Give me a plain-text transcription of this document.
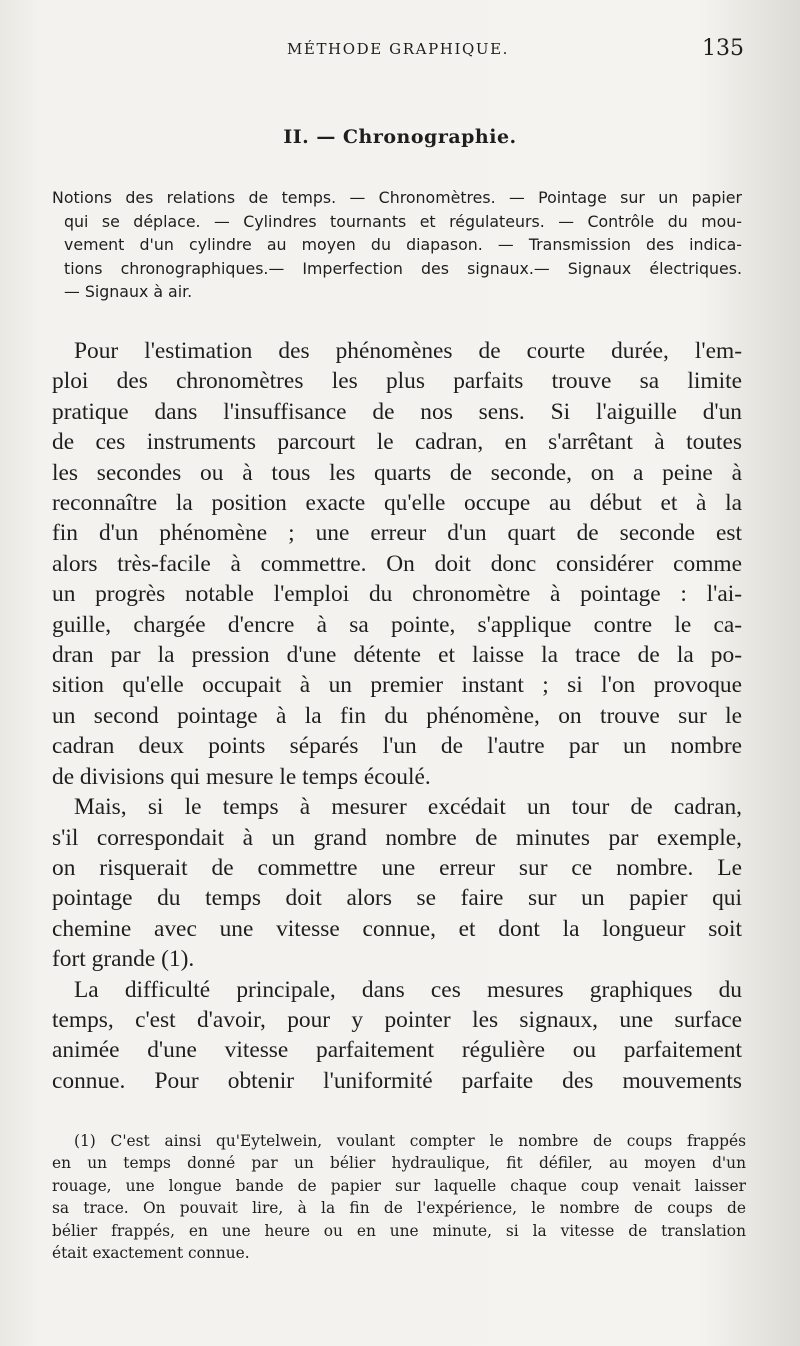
MÉTHODE GRAPHIQUE.	135
II. — Chronographie.
Notions des relations de temps. — Chronomètres. — Pointage sur un papier
qui se déplace. — Cylindres tournants et régulateurs. — Contrôle du mou-
vement d'un cylindre au moyen du diapason. — Transmission des indica-
tions chronographiques.— Imperfection des signaux.— Signaux électriques.
— Signaux à air.
Pour l'estimation des phénomènes de courte durée, l'em-
ploi des chronomètres les plus parfaits trouve sa limite
pratique dans l'insuffisance de nos sens. Si l'aiguille d'un
de ces instruments parcourt le cadran, en s'arrêtant à toutes
les secondes ou à tous les quarts de seconde, on a peine à
reconnaître la position exacte qu'elle occupe au début et à la
fin d'un phénomène ; une erreur d'un quart de seconde est
alors très-facile à commettre. On doit donc considérer comme
un progrès notable l'emploi du chronomètre à pointage : l'ai-
guille, chargée d'encre à sa pointe, s'applique contre le ca-
dran par la pression d'une détente et laisse la trace de la po-
sition qu'elle occupait à un premier instant ; si l'on provoque
un second pointage à la fin du phénomène, on trouve sur le
cadran deux points séparés l'un de l'autre par un nombre
de divisions qui mesure le temps écoulé.
Mais, si le temps à mesurer excédait un tour de cadran,
s'il correspondait à un grand nombre de minutes par exemple,
on risquerait de commettre une erreur sur ce nombre. Le
pointage du temps doit alors se faire sur un papier qui
chemine avec une vitesse connue, et dont la longueur soit
fort grande (1).
La difficulté principale, dans ces mesures graphiques du
temps, c'est d'avoir, pour y pointer les signaux, une surface
animée d'une vitesse parfaitement régulière ou parfaitement
connue. Pour obtenir l'uniformité parfaite des mouvements
(1) C'est ainsi qu'Eytelwein, voulant compter le nombre de coups frappés
en un temps donné par un bélier hydraulique, fit défiler, au moyen d'un
rouage, une longue bande de papier sur laquelle chaque coup venait laisser
sa trace. On pouvait lire, à la fin de l'expérience, le nombre de coups de
bélier frappés, en une heure ou en une minute, si la vitesse de translation
était exactement connue.
